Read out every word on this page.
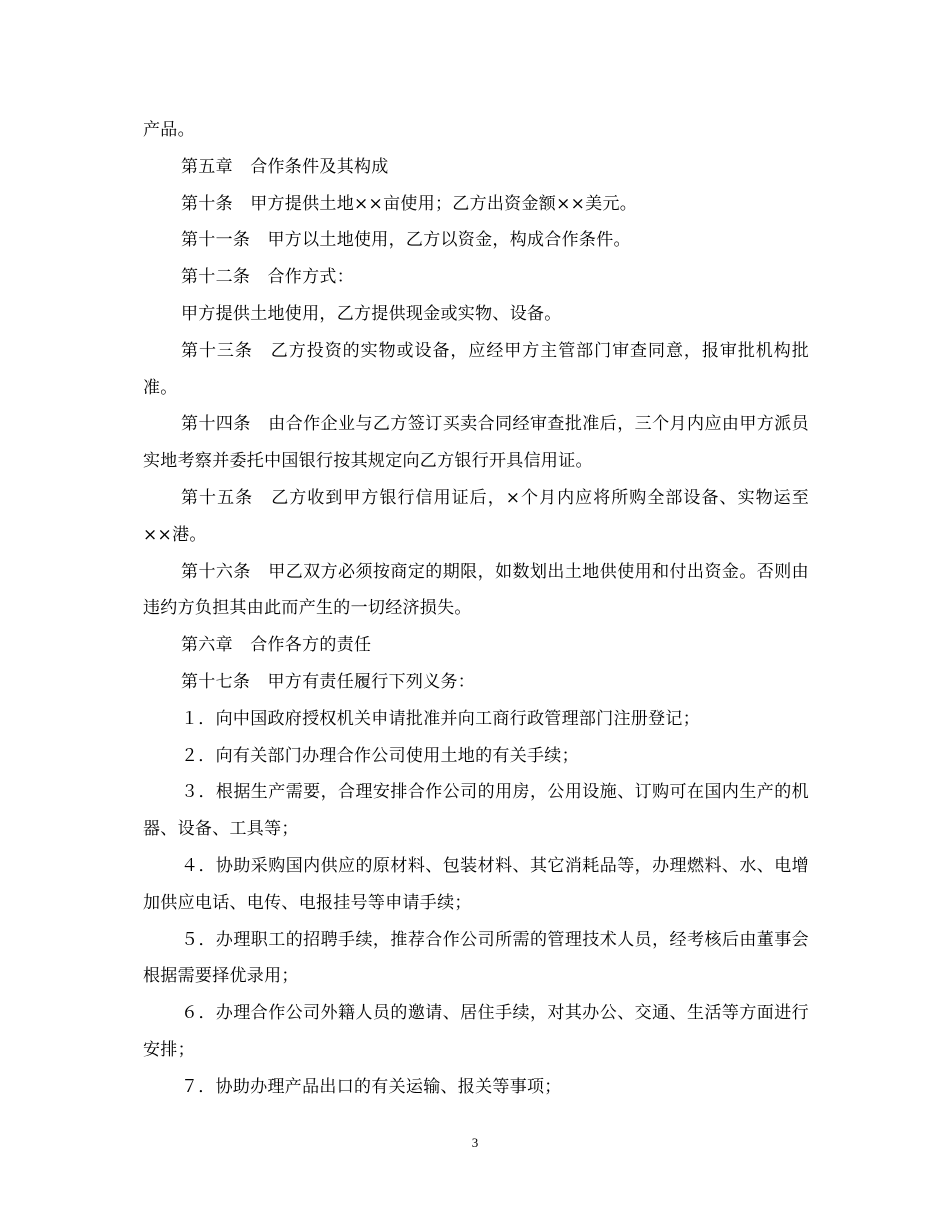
产品。

第五章　合作条件及其构成

第十条　甲方提供土地××亩使用；乙方出资金额××美元。

第十一条　甲方以土地使用，乙方以资金，构成合作条件。

第十二条　合作方式：

甲方提供土地使用，乙方提供现金或实物、设备。

第十三条　乙方投资的实物或设备，应经甲方主管部门审查同意，报审批机构批准。

第十四条　由合作企业与乙方签订买卖合同经审查批准后，三个月内应由甲方派员实地考察并委托中国银行按其规定向乙方银行开具信用证。

第十五条　乙方收到甲方银行信用证后，×个月内应将所购全部设备、实物运至××港。

第十六条　甲乙双方必须按商定的期限，如数划出土地供使用和付出资金。否则由违约方负担其由此而产生的一切经济损失。

第六章　合作各方的责任

第十七条　甲方有责任履行下列义务：

１．向中国政府授权机关申请批准并向工商行政管理部门注册登记；

２．向有关部门办理合作公司使用土地的有关手续；

３．根据生产需要，合理安排合作公司的用房，公用设施、订购可在国内生产的机器、设备、工具等；

４．协助采购国内供应的原材料、包装材料、其它消耗品等，办理燃料、水、电增加供应电话、电传、电报挂号等申请手续；

５．办理职工的招聘手续，推荐合作公司所需的管理技术人员，经考核后由董事会根据需要择优录用；

６．办理合作公司外籍人员的邀请、居住手续，对其办公、交通、生活等方面进行安排；

７．协助办理产品出口的有关运输、报关等事项；

3
